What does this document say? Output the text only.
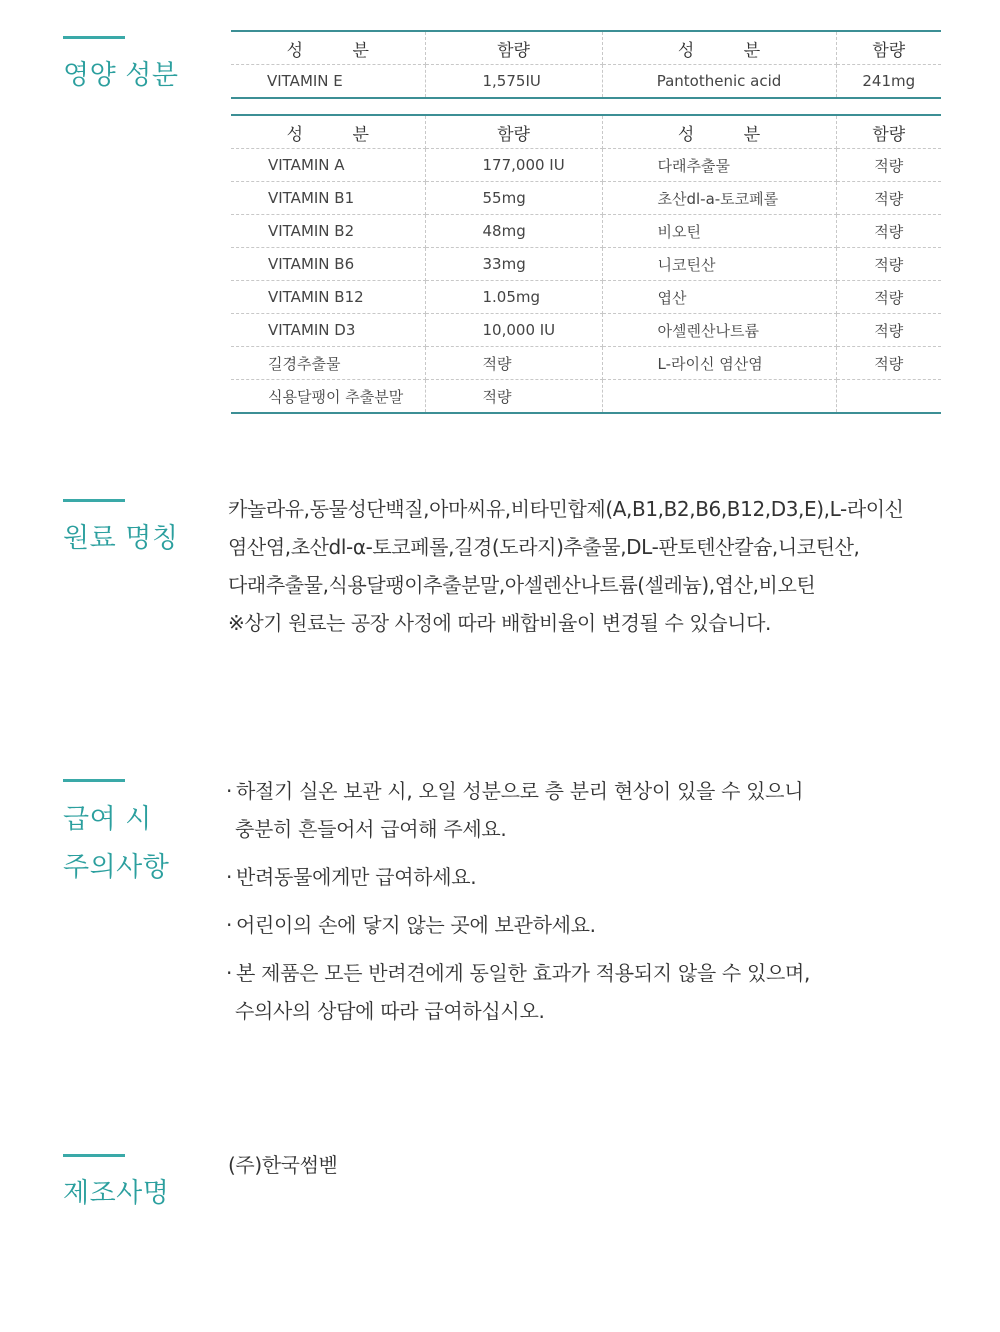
영양 성분
성 분	함량	성 분	함량
VITAMIN E	1,575IU	Pantothenic acid	241mg
성 분	함량	성 분	함량
VITAMIN A	177,000 IU	다래추출물	적량
VITAMIN B1	55mg	초산dl-a-토코페롤	적량
VITAMIN B2	48mg	비오틴	적량
VITAMIN B6	33mg	니코틴산	적량
VITAMIN B12	1.05mg	엽산	적량
VITAMIN D3	10,000 IU	아셀렌산나트륨	적량
길경추출물	적량	L-라이신 염산염	적량
식용달팽이 추출분말	적량		
원료 명칭
카놀라유,동물성단백질,아마씨유,비타민합제(A,B1,B2,B6,B12,D3,E),L-라이신
염산염,초산dl-α-토코페롤,길경(도라지)추출물,DL-판토텐산칼슘,니코틴산,
다래추출물,식용달팽이추출분말,아셀렌산나트륨(셀레늄),엽산,비오틴
※상기 원료는 공장 사정에 따라 배합비율이 변경될 수 있습니다.
급여 시
주의사항
· 하절기 실온 보관 시, 오일 성분으로 층 분리 현상이 있을 수 있으니
충분히 흔들어서 급여해 주세요.
· 반려동물에게만 급여하세요.
· 어린이의 손에 닿지 않는 곳에 보관하세요.
· 본 제품은 모든 반려견에게 동일한 효과가 적용되지 않을 수 있으며,
수의사의 상담에 따라 급여하십시오.
제조사명
(주)한국썸벧
